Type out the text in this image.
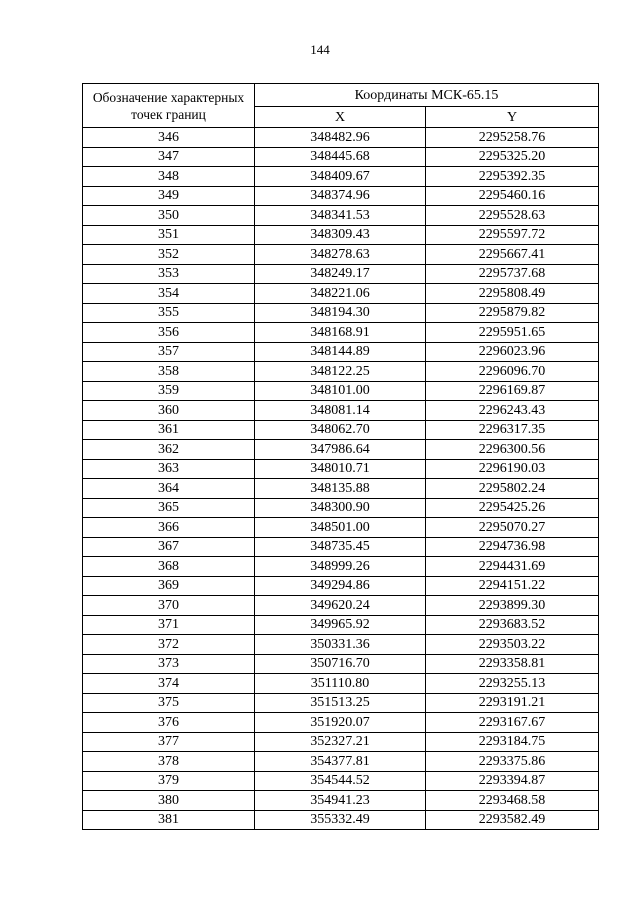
144
Обозначение характерных точек границ	Координаты МСК-65.15	
	X	Y
346	348482.96	2295258.76
347	348445.68	2295325.20
348	348409.67	2295392.35
349	348374.96	2295460.16
350	348341.53	2295528.63
351	348309.43	2295597.72
352	348278.63	2295667.41
353	348249.17	2295737.68
354	348221.06	2295808.49
355	348194.30	2295879.82
356	348168.91	2295951.65
357	348144.89	2296023.96
358	348122.25	2296096.70
359	348101.00	2296169.87
360	348081.14	2296243.43
361	348062.70	2296317.35
362	347986.64	2296300.56
363	348010.71	2296190.03
364	348135.88	2295802.24
365	348300.90	2295425.26
366	348501.00	2295070.27
367	348735.45	2294736.98
368	348999.26	2294431.69
369	349294.86	2294151.22
370	349620.24	2293899.30
371	349965.92	2293683.52
372	350331.36	2293503.22
373	350716.70	2293358.81
374	351110.80	2293255.13
375	351513.25	2293191.21
376	351920.07	2293167.67
377	352327.21	2293184.75
378	354377.81	2293375.86
379	354544.52	2293394.87
380	354941.23	2293468.58
381	355332.49	2293582.49
